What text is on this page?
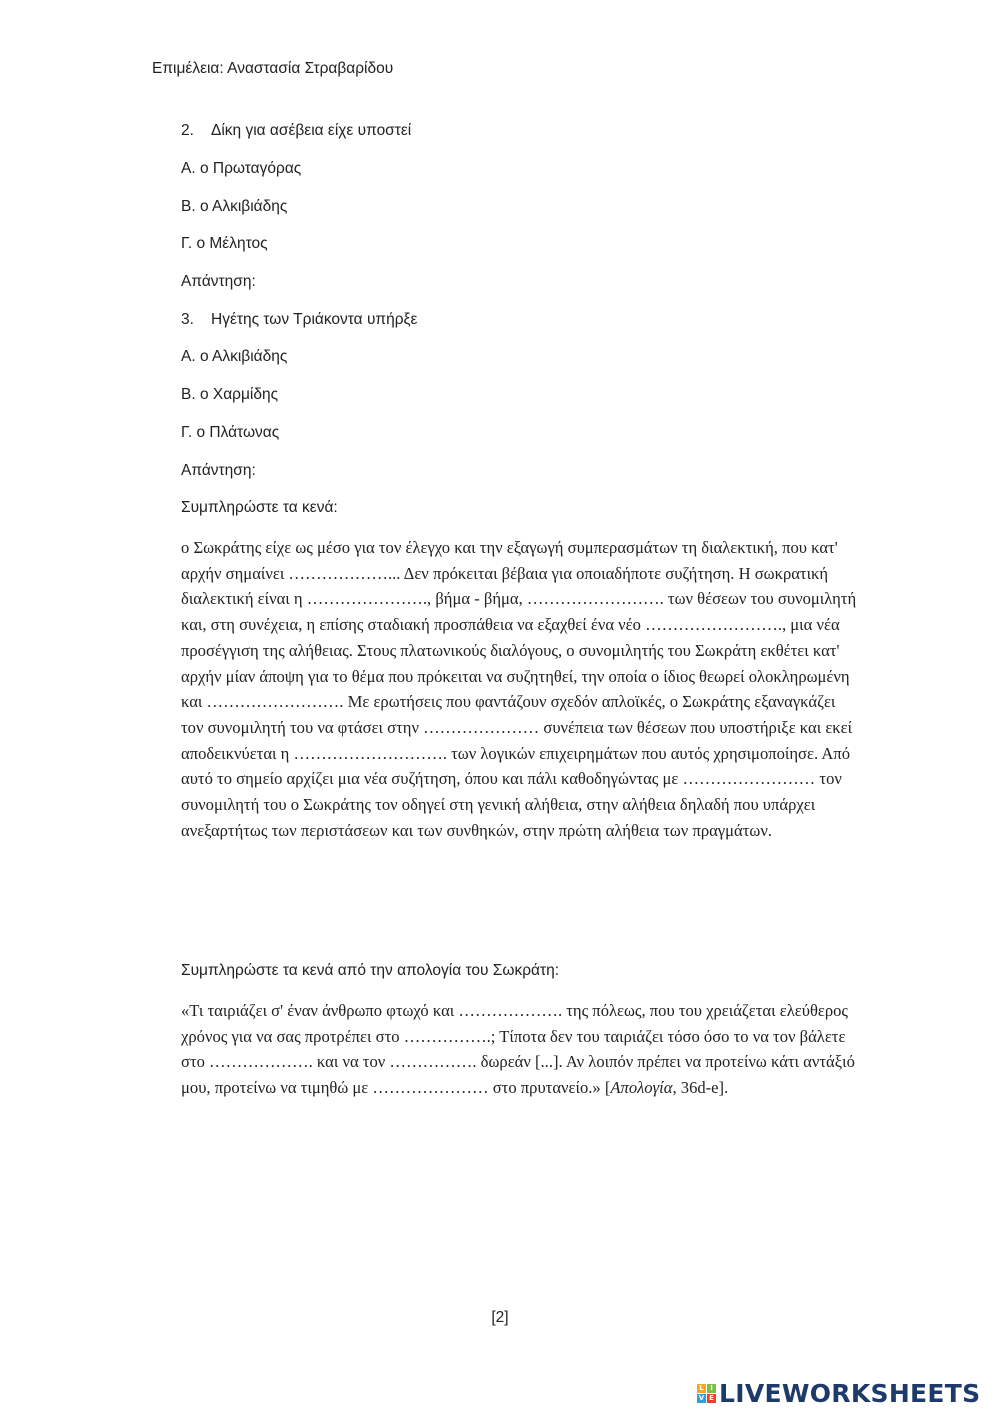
Επιμέλεια: Αναστασία Στραβαρίδου
2. Δίκη για ασέβεια είχε υποστεί
Α. ο Πρωταγόρας
Β. ο Αλκιβιάδης
Γ. ο Μέλητος
Απάντηση:
3. Ηγέτης των Τριάκοντα υπήρξε
Α. ο Αλκιβιάδης
Β. ο Χαρμίδης
Γ. ο Πλάτωνας
Απάντηση:
Συμπληρώστε τα κενά:

ο Σωκράτης είχε ως μέσο για τον έλεγχο και την εξαγωγή συμπερασμάτων τη διαλεκτική, που κατ' αρχήν σημαίνει ………………... Δεν πρόκειται βέβαια για οποιαδήποτε συζήτηση. Η σωκρατική διαλεκτική είναι η …………………., βήμα - βήμα, ……………………. των θέσεων του συνομιλητή και, στη συνέχεια, η επίσης σταδιακή προσπάθεια να εξαχθεί ένα νέο ……………………., μια νέα προσέγγιση της αλήθειας. Στους πλατωνικούς διαλόγους, ο συνομιλητής του Σωκράτη εκθέτει κατ' αρχήν μίαν άποψη για το θέμα που πρόκειται να συζητηθεί, την οποία ο ίδιος θεωρεί ολοκληρωμένη και ……………………. Με ερωτήσεις που φαντάζουν σχεδόν απλοϊκές, ο Σωκράτης εξαναγκάζει τον συνομιλητή του να φτάσει στην ………………… συνέπεια των θέσεων που υποστήριξε και εκεί αποδεικνύεται η ………………………. των λογικών επιχειρημάτων που αυτός χρησιμοποίησε. Από αυτό το σημείο αρχίζει μια νέα συζήτηση, όπου και πάλι καθοδηγώντας με …………………… τον συνομιλητή του ο Σωκράτης τον οδηγεί στη γενική αλήθεια, στην αλήθεια δηλαδή που υπάρχει ανεξαρτήτως των περιστάσεων και των συνθηκών, στην πρώτη αλήθεια των πραγμάτων.

Συμπληρώστε τα κενά από την απολογία του Σωκράτη:

«Τι ταιριάζει σ' έναν άνθρωπο φτωχό και ………………. της πόλεως, που του χρειάζεται ελεύθερος χρόνος για να σας προτρέπει στο …………….; Τίποτα δεν του ταιριάζει τόσο όσο το να τον βάλετε στο ………………. και να τον ……………. δωρεάν [...]. Αν λοιπόν πρέπει να προτείνω κάτι αντάξιό μου, προτείνω να τιμηθώ με ………………… στο πρυτανείο.» [Απολογία, 36d-e].

[2]
L I
V E LIVEWORKSHEETS
